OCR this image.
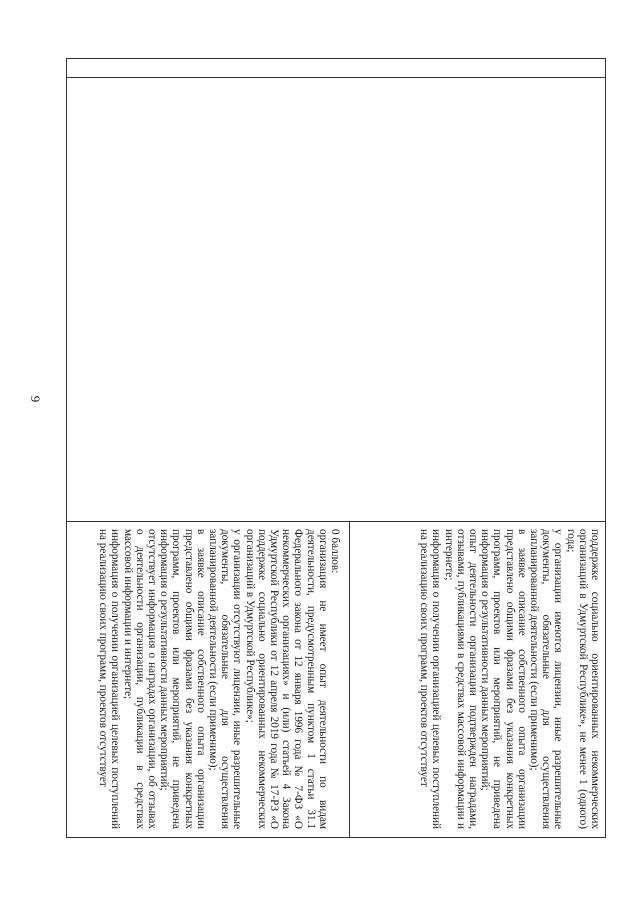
9
поддержке социально ориентированных некоммерческих организаций в Удмуртской Республике», не менее 1 (одного) года;
у организации имеются лицензии, иные разрешительные документы, обязательные для осуществления запланированной деятельности (если применимо);
в заявке описание собственного опыта организации представлено общими фразами без указания конкретных программ, проектов или мероприятий, не приведена информация о результативности данных мероприятий;
опыт деятельности организации подтвержден наградами, отзывами, публикациями в средствах массовой информации и интернете;
информация о получении организацией целевых поступлений на реализацию своих программ, проектов отсутствует
0 баллов:
организация не имеет опыт деятельности по видам деятельности, предусмотренным пунктом 1 статьи 31.1 Федерального закона от 12 января 1996 года № 7-ФЗ «О некоммерческих организациях» и (или) статьей 4 Закона Удмуртской Республики от 12 апреля 2019 года № 17-РЗ «О поддержке социально ориентированных некоммерческих организаций в Удмуртской Республике»;
у организации отсутствуют лицензии, иные разрешительные документы, обязательные для осуществления запланированной деятельности (если применимо);
в заявке описание собственного опыта организации представлено общими фразами без указания конкретных программ, проектов или мероприятий, не приведена информация о результативности данных мероприятий;
отсутствует информация о наградах организации, об отзывах о деятельности организации, публикации в средствах массовой информации и интернете;
информация о получении организацией целевых поступлений на реализацию своих программ, проектов отсутствует
